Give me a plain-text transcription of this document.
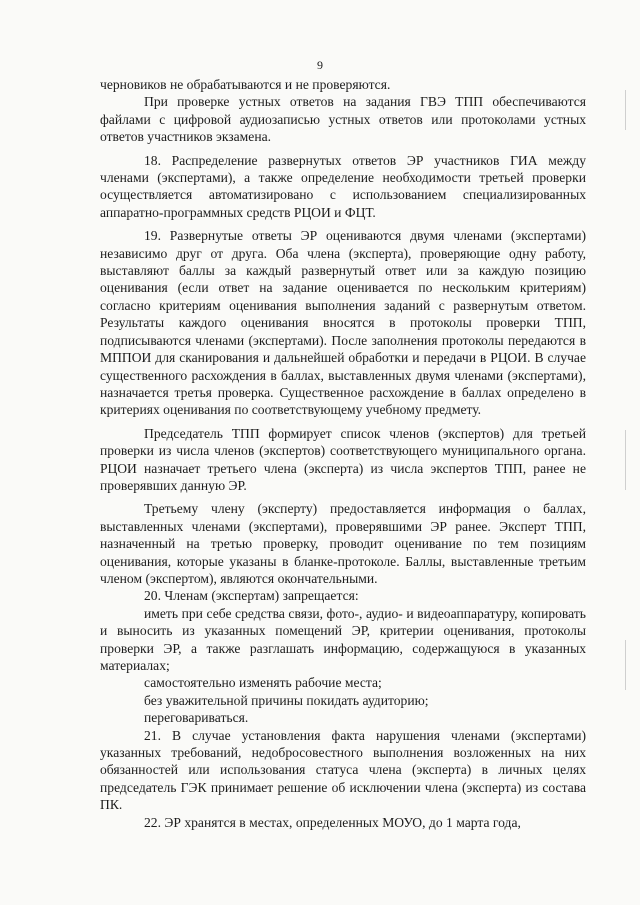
9

черновиков не обрабатываются и не проверяются.

При проверке устных ответов на задания ГВЭ ТПП обеспечиваются файлами с цифровой аудиозаписью устных ответов или протоколами устных ответов участников экзамена.

18. Распределение развернутых ответов ЭР участников ГИА между членами (экспертами), а также определение необходимости третьей проверки осуществляется автоматизировано с использованием специализированных аппаратно-программных средств РЦОИ и ФЦТ.

19. Развернутые ответы ЭР оцениваются двумя членами (экспертами) независимо друг от друга. Оба члена (эксперта), проверяющие одну работу, выставляют баллы за каждый развернутый ответ или за каждую позицию оценивания (если ответ на задание оценивается по нескольким критериям) согласно критериям оценивания выполнения заданий с развернутым ответом. Результаты каждого оценивания вносятся в протоколы проверки ТПП, подписываются членами (экспертами). После заполнения протоколы передаются в МППОИ для сканирования и дальнейшей обработки и передачи в РЦОИ. В случае существенного расхождения в баллах, выставленных двумя членами (экспертами), назначается третья проверка. Существенное расхождение в баллах определено в критериях оценивания по соответствующему учебному предмету.

Председатель ТПП формирует список членов (экспертов) для третьей проверки из числа членов (экспертов) соответствующего муниципального органа. РЦОИ назначает третьего члена (эксперта) из числа экспертов ТПП, ранее не проверявших данную ЭР.

Третьему члену (эксперту) предоставляется информация о баллах, выставленных членами (экспертами), проверявшими ЭР ранее. Эксперт ТПП, назначенный на третью проверку, проводит оценивание по тем позициям оценивания, которые указаны в бланке-протоколе. Баллы, выставленные третьим членом (экспертом), являются окончательными.

20. Членам (экспертам) запрещается:

иметь при себе средства связи, фото-, аудио- и видеоаппаратуру, копировать и выносить из указанных помещений ЭР, критерии оценивания, протоколы проверки ЭР, а также разглашать информацию, содержащуюся в указанных материалах;

самостоятельно изменять рабочие места;

без уважительной причины покидать аудиторию;

переговариваться.

21. В случае установления факта нарушения членами (экспертами) указанных требований, недобросовестного выполнения возложенных на них обязанностей или использования статуса члена (эксперта) в личных целях председатель ГЭК принимает решение об исключении члена (эксперта) из состава ПК.

22. ЭР хранятся в местах, определенных МОУО, до 1 марта года,
